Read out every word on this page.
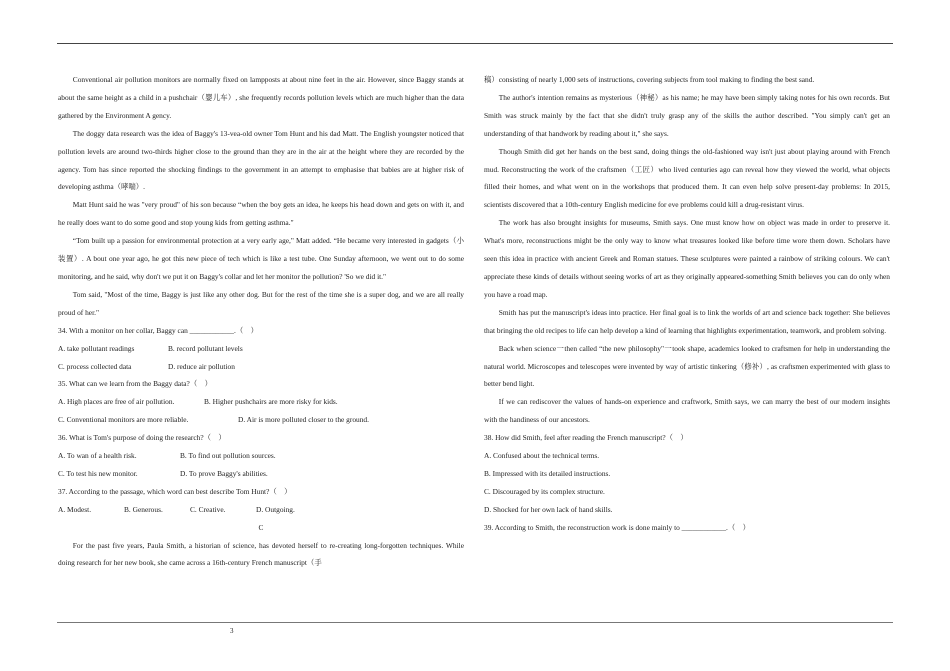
Conventional air pollution monitors are normally fixed on lampposts at about nine feet in the air. However, since Baggy stands at about the same height as a child in a pushchair（婴儿车）, she frequently records pollution levels which are much higher than the data gathered by the Environment A gency.

The doggy data research was the idea of Baggy's 13-vea-old owner Tom Hunt and his dad Matt. The English youngster noticed that pollution levels are around two-thirds higher close to the ground than they are in the air at the height where they are recorded by the agency. Tom has since reported the shocking findings to the government in an attempt to emphasise that babies are at higher risk of developing asthma（哮喘）.

Matt Hunt said he was "very proud" of his son because “when the boy gets an idea, he keeps his head down and gets on with it, and he really does want to do some good and stop young kids from getting asthma."

“Tom built up a passion for environmental protection at a very early age," Matt added. “He became very interested in gadgets（小装置）. A bout one year ago, he got this new piece of tech which is like a test tube. One Sunday afternoon, we went out to do some monitoring, and he said, why don't we put it on Baggy's collar and let her monitor the pollution? 'So we did it."

Tom said, "Most of the time, Baggy is just like any other dog. But for the rest of the time she is a super dog, and we are all really proud of her."

34. With a monitor on her collar, Baggy can ____________.（　）

A. take pollutant readings	B. record pollutant levels

C. process collected data	D. reduce air pollution

35. What can we learn from the Baggy data?（　）

A. High places are free of air pollution.	B. Higher pushchairs are more risky for kids.

C. Conventional monitors are more reliable.	D. Air is more polluted closer to the ground.

36. What is Tom's purpose of doing the research?（　）

A. To wan of a health risk.	B. To find out pollution sources.

C. To test his new monitor.	D. To prove Baggy's abilities.

37. According to the passage, which word can best describe Tom Hunt?（　）

A. Modest.	B. Generous.	C. Creative.	D. Outgoing.

C

For the past five years, Paula Smith, a historian of science, has devoted herself to re-creating long-forgotten techniques. While doing research for her new book, she came across a 16th-century French manuscript（手

稿）consisting of nearly 1,000 sets of instructions, covering subjects from tool making to finding the best sand.

The author's intention remains as mysterious（神秘）as his name; he may have been simply taking notes for his own records. But Smith was struck mainly by the fact that she didn't truly grasp any of the skills the author described. "You simply can't get an understanding of that handwork by reading about it," she says.

Though Smith did get her hands on the best sand, doing things the old-fashioned way isn't just about playing around with French mud. Reconstructing the work of the craftsmen（工匠）who lived centuries ago can reveal how they viewed the world, what objects filled their homes, and what went on in the workshops that produced them. It can even help solve present-day problems: In 2015, scientists discovered that a 10th-century English medicine for eve problems could kill a drug-resistant virus.

The work has also brought insights for museums, Smith says. One must know how on object was made in order to preserve it. What's more, reconstructions might be the only way to know what treasures looked like before time wore them down. Scholars have seen this idea in practice with ancient Greek and Roman statues. These sculptures were painted a rainbow of striking colours. We can't appreciate these kinds of details without seeing works of art as they originally appeared-something Smith believes you can do only when you have a road map.

Smith has put the manuscript's ideas into practice. Her final goal is to link the worlds of art and science back together: She believes that bringing the old recipes to life can help develop a kind of learning that highlights experimentation, teamwork, and problem solving.

Back when science一then called “the new philosophy"一took shape, academics looked to craftsmen for help in understanding the natural world. Microscopes and telescopes were invented by way of artistic tinkering（修补）, as craftsmen experimented with glass to better bend light.

If we can rediscover the values of hands-on experience and craftwork, Smith says, we can marry the best of our modern insights with the handiness of our ancestors.

38. How did Smith, feel after reading the French manuscript?（　）

A. Confused about the technical terms.

B. Impressed with its detailed instructions.

C. Discouraged by its complex structure.

D. Shocked for her own lack of hand skills.

39. According to Smith, the reconstruction work is done mainly to ____________.（　）

3
